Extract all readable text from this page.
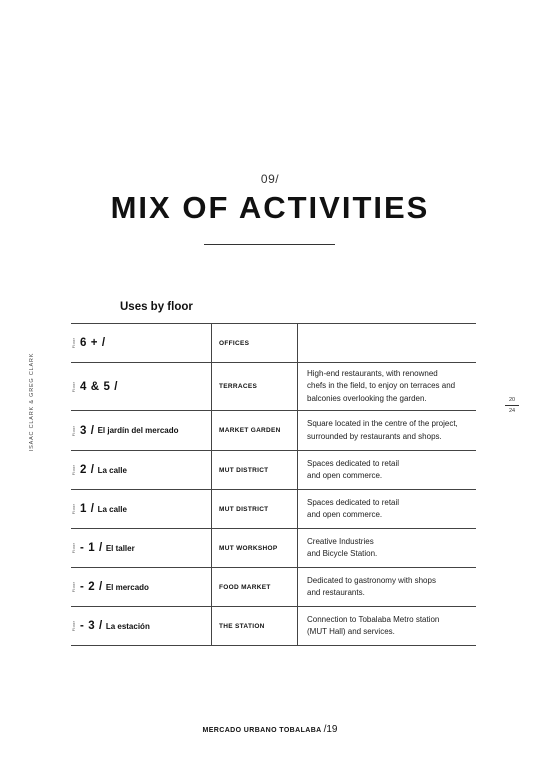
09/
MIX OF ACTIVITIES
ISAAC CLARK & GREG CLARK	20
24
Uses by floor
Floor 6 + /	OFFICES
Floor 4 & 5 /	TERRACES
High-end restaurants, with renowned
chefs in the field, to enjoy on terraces and
balconies overlooking the garden.
Floor 3 / El jardín del mercado	MARKET GARDEN
Square located in the centre of the project,
surrounded by restaurants and shops.
Floor 2 / La calle	MUT DISTRICT
Spaces dedicated to retail
and open commerce.
Floor 1 / La calle	MUT DISTRICT
Spaces dedicated to retail
and open commerce.
Floor - 1 / El taller	MUT WORKSHOP
Creative Industries
and Bicycle Station.
Floor - 2 / El mercado	FOOD MARKET
Dedicated to gastronomy with shops
and restaurants.
Floor - 3 / La estación	THE STATION
Connection to Tobalaba Metro station
(MUT Hall) and services.
MERCADO URBANO TOBALABA /19
